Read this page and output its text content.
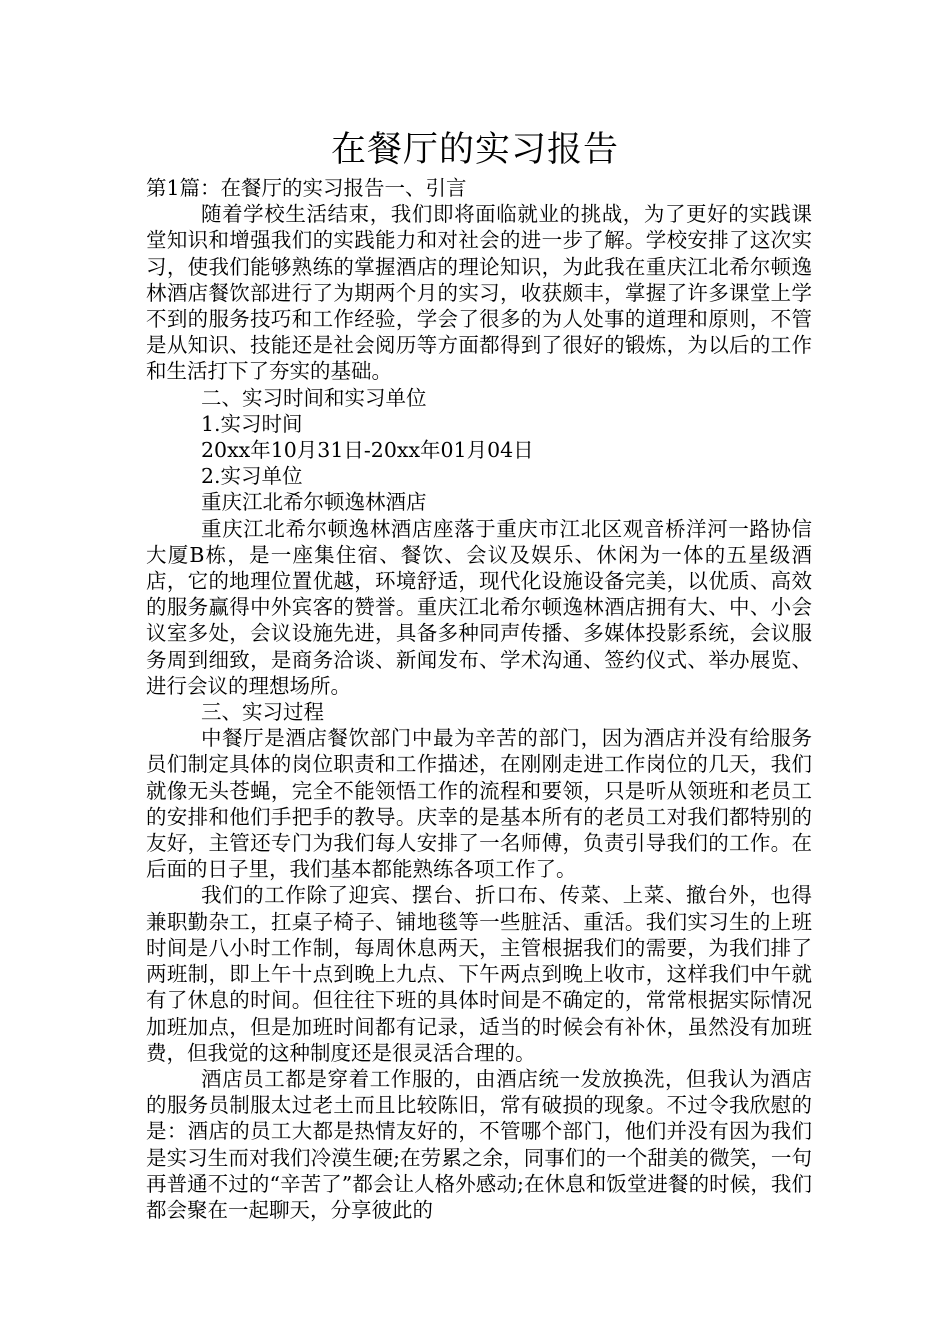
在餐厅的实习报告

第1篇：在餐厅的实习报告一、引言

随着学校生活结束，我们即将面临就业的挑战，为了更好的实践课堂知识和增强我们的实践能力和对社会的进一步了解。学校安排了这次实习，使我们能够熟练的掌握酒店的理论知识，为此我在重庆江北希尔顿逸林酒店餐饮部进行了为期两个月的实习，收获颇丰，掌握了许多课堂上学不到的服务技巧和工作经验，学会了很多的为人处事的道理和原则，不管是从知识、技能还是社会阅历等方面都得到了很好的锻炼，为以后的工作和生活打下了夯实的基础。

二、实习时间和实习单位

1.实习时间

20xx年10月31日-20xx年01月04日

2.实习单位

重庆江北希尔顿逸林酒店

重庆江北希尔顿逸林酒店座落于重庆市江北区观音桥洋河一路协信大厦B栋，是一座集住宿、餐饮、会议及娱乐、休闲为一体的五星级酒店，它的地理位置优越，环境舒适，现代化设施设备完美，以优质、高效的服务赢得中外宾客的赞誉。重庆江北希尔顿逸林酒店拥有大、中、小会议室多处，会议设施先进，具备多种同声传播、多媒体投影系统，会议服务周到细致，是商务洽谈、新闻发布、学术沟通、签约仪式、举办展览、进行会议的理想场所。

三、实习过程

中餐厅是酒店餐饮部门中最为辛苦的部门，因为酒店并没有给服务员们制定具体的岗位职责和工作描述，在刚刚走进工作岗位的几天，我们就像无头苍蝇，完全不能领悟工作的流程和要领，只是听从领班和老员工的安排和他们手把手的教导。庆幸的是基本所有的老员工对我们都特别的友好，主管还专门为我们每人安排了一名师傅，负责引导我们的工作。在后面的日子里，我们基本都能熟练各项工作了。

我们的工作除了迎宾、摆台、折口布、传菜、上菜、撤台外，也得兼职勤杂工，扛桌子椅子、铺地毯等一些脏活、重活。我们实习生的上班时间是八小时工作制，每周休息两天，主管根据我们的需要，为我们排了两班制，即上午十点到晚上九点、下午两点到晚上收市，这样我们中午就有了休息的时间。但往往下班的具体时间是不确定的，常常根据实际情况加班加点，但是加班时间都有记录，适当的时候会有补休，虽然没有加班费，但我觉的这种制度还是很灵活合理的。

酒店员工都是穿着工作服的，由酒店统一发放换洗，但我认为酒店的服务员制服太过老土而且比较陈旧，常有破损的现象。不过令我欣慰的是：酒店的员工大都是热情友好的，不管哪个部门，他们并没有因为我们是实习生而对我们冷漠生硬;在劳累之余，同事们的一个甜美的微笑，一句再普通不过的“辛苦了”都会让人格外感动;在休息和饭堂进餐的时候，我们都会聚在一起聊天，分享彼此的
